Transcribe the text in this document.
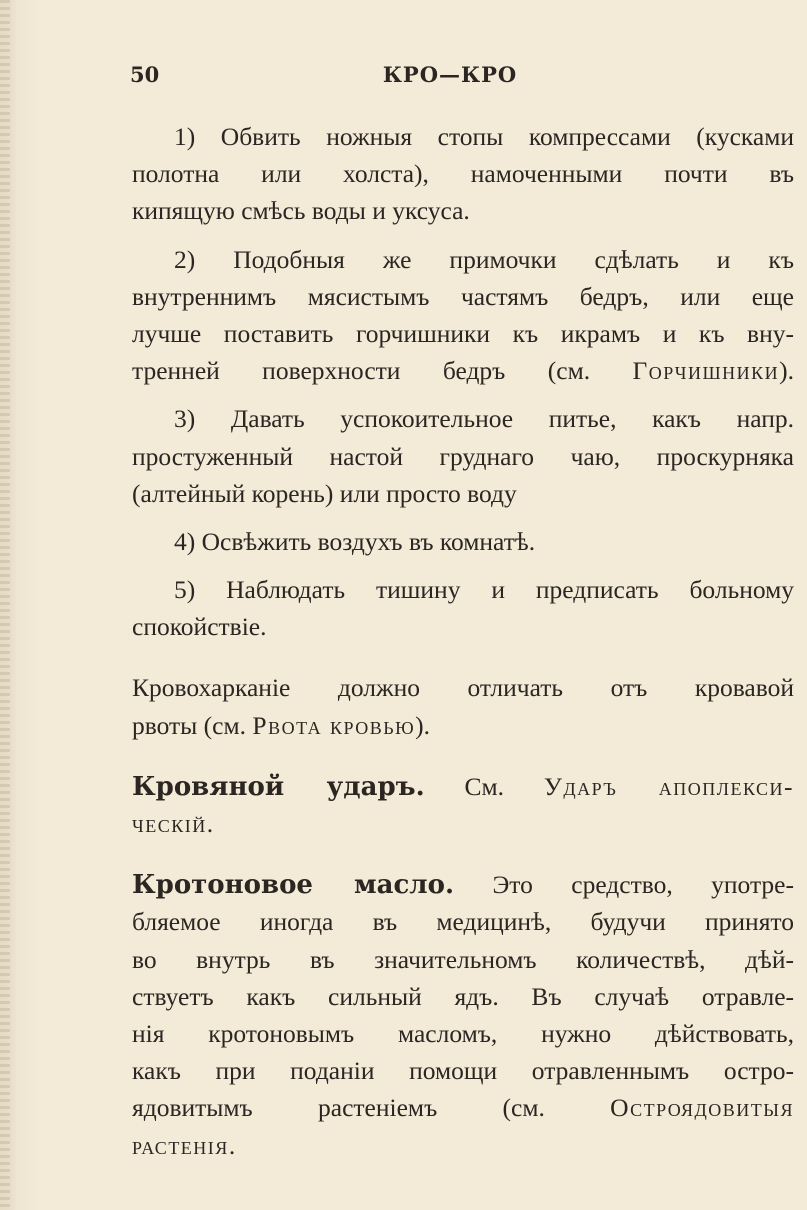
50	КРО—КРО
1) Обвить ножныя стопы компрессами (кусками
полотна или холста), намоченными почти въ
кипящую смѣсь воды и уксуса.
2) Подобныя же примочки сдѣлать и къ
внутреннимъ мясистымъ частямъ бедръ, или еще
лучше поставить горчишники къ икрамъ и къ вну-
тренней поверхности бедръ (см. Горчишники).
3) Давать успокоительное питье, какъ напр.
простуженный настой груднаго чаю, проскурняка
(алтейный корень) или просто воду
4) Освѣжить воздухъ въ комнатѣ.
5) Наблюдать тишину и предписать больному
спокойствіе.
Кровохарканіе должно отличать отъ кровавой
рвоты (см. Рвота кровью).
Кровяной ударъ. См. Ударъ апоплекси-
ческій.
Кротоновое масло. Это средство, употре-
бляемое иногда въ медицинѣ, будучи принято
во внутрь въ значительномъ количествѣ, дѣй-
ствуетъ какъ сильный ядъ. Въ случаѣ отравле-
нія кротоновымъ масломъ, нужно дѣйствовать,
какъ при поданіи помощи отравленнымъ остро-
ядовитымъ растеніемъ (см. Остроядовитыя
растенія.
